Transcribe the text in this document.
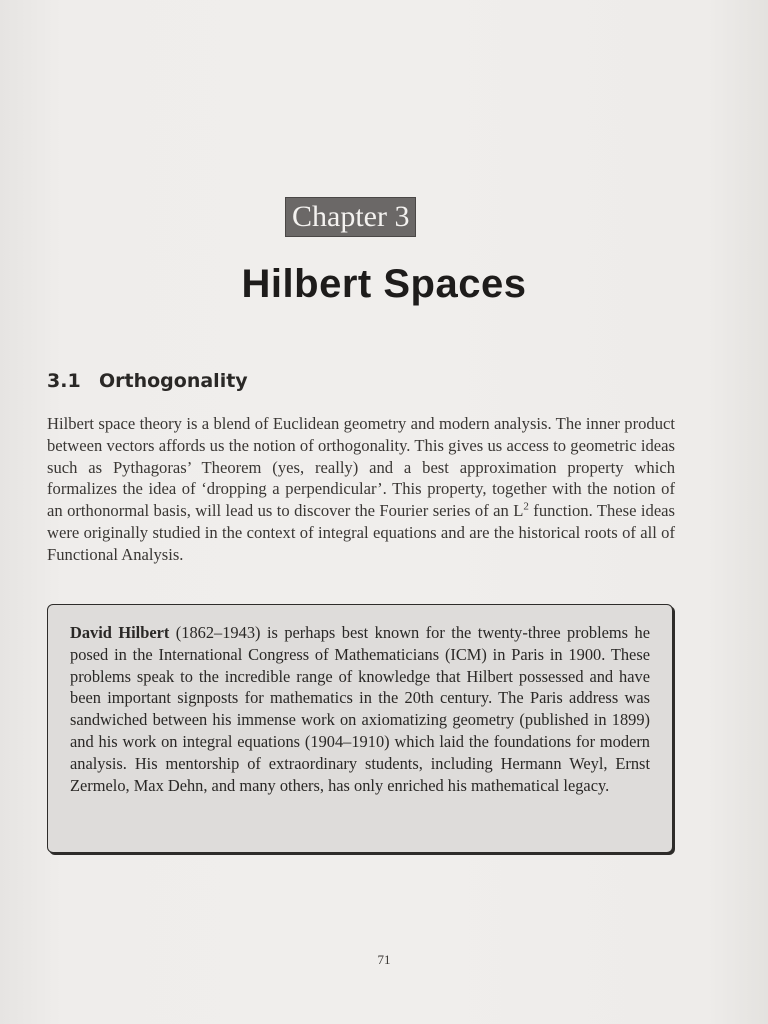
Chapter 3
Hilbert Spaces
3.1 Orthogonality
Hilbert space theory is a blend of Euclidean geometry and modern analysis. The inner product between vectors affords us the notion of orthogonality. This gives us access to geometric ideas such as Pythagoras’ Theorem (yes, really) and a best approximation property which formalizes the idea of ‘dropping a perpendicular’. This property, together with the notion of an orthonormal basis, will lead us to discover the Fourier series of an $L^2$ function. These ideas were originally studied in the context of integral equations and are the historical roots of all of Functional Analysis.
David Hilbert (1862–1943) is perhaps best known for the twenty-three problems he posed in the International Congress of Mathematicians (ICM) in Paris in 1900. These problems speak to the incredible range of knowledge that Hilbert possessed and have been important signposts for mathematics in the 20th century. The Paris address was sandwiched between his immense work on axiomatizing geometry (published in 1899) and his work on integral equations (1904–1910) which laid the foundations for modern analysis. His mentorship of extraordinary students, including Hermann Weyl, Ernst Zermelo, Max Dehn, and many others, has only enriched his mathematical legacy.
71
